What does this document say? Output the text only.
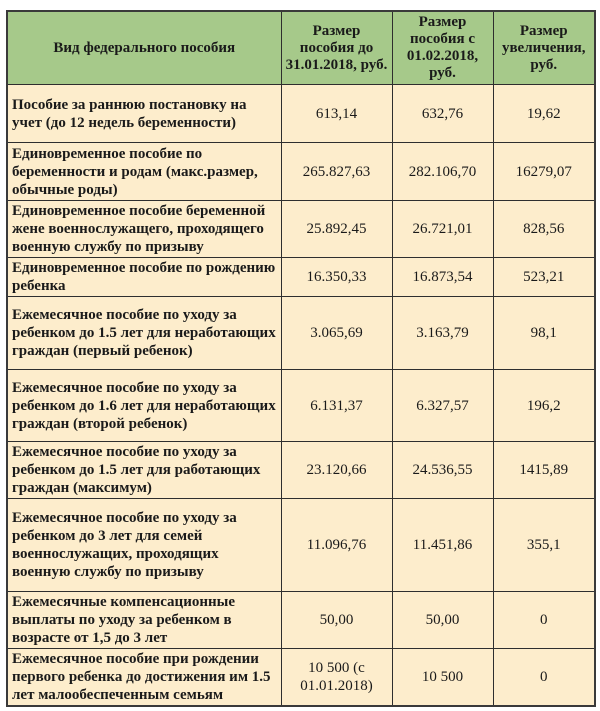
Вид федерального пособия	Размер пособия до 31.01.2018, руб.	Размер пособия с 01.02.2018, руб.	Размер увеличения, руб.
Пособие за раннюю постановку на учет (до 12 недель беременности)	613,14	632,76	19,62
Единовременное пособие по беременности и родам (макс.размер, обычные роды)	265.827,63	282.106,70	16279,07
Единовременное пособие беременной жене военнослужащего, проходящего военную службу по призыву	25.892,45	26.721,01	828,56
Единовременное пособие по рождению ребенка	16.350,33	16.873,54	523,21
Ежемесячное пособие по уходу за ребенком до 1.5 лет для неработающих граждан (первый ребенок)	3.065,69	3.163,79	98,1
Ежемесячное пособие по уходу за ребенком до 1.6 лет для неработающих граждан (второй ребенок)	6.131,37	6.327,57	196,2
Ежемесячное пособие по уходу за ребенком до 1.5 лет для работающих граждан (максимум)	23.120,66	24.536,55	1415,89
Ежемесячное пособие по уходу за ребенком до 3 лет для семей военнослужащих, проходящих военную службу по призыву	11.096,76	11.451,86	355,1
Ежемесячные компенсационные выплаты по уходу за ребенком в возрасте от 1,5 до 3 лет	50,00	50,00	0
Ежемесячное пособие при рождении первого ребенка до достижения им 1.5 лет малообеспеченным семьям	10 500 (с 01.01.2018)	10 500	0
